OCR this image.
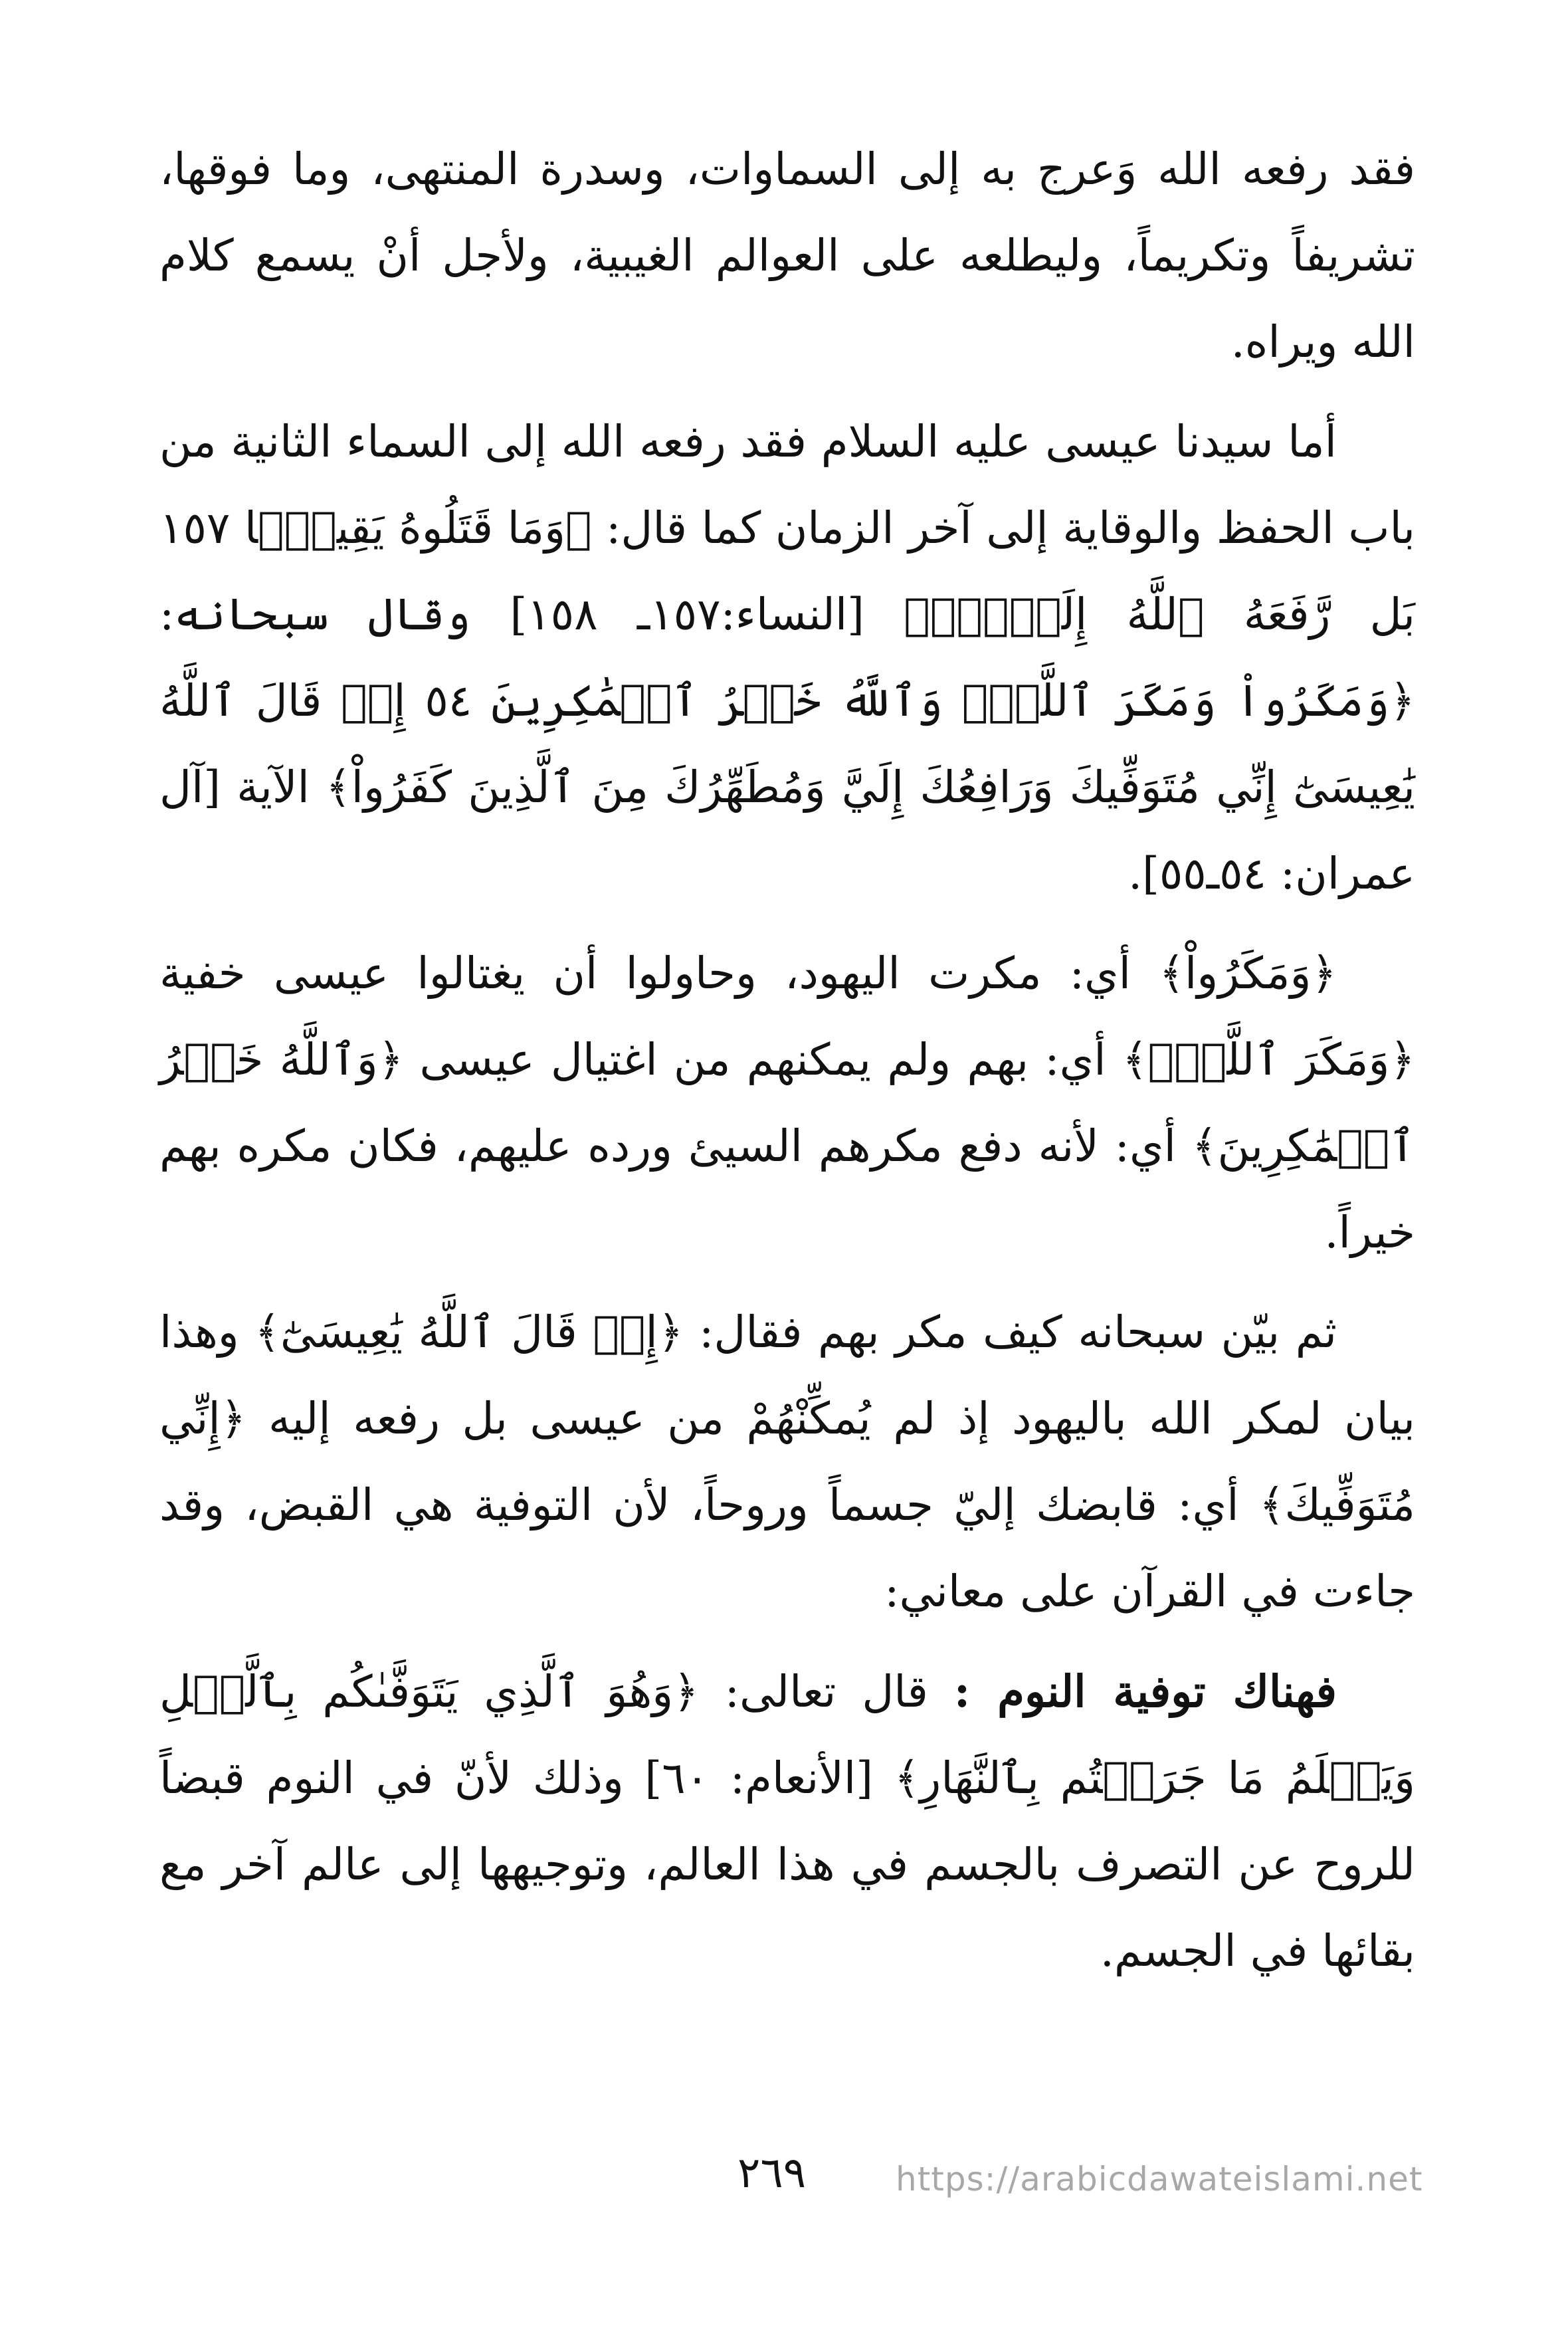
فقد رفعه الله وَعرج به إلى السماوات، وسدرة المنتهى، وما فوقها، تشريفاً وتكريماً، وليطلعه على العوالم الغيبية، ولأجل أنْ يسمع كلام الله ويراه.

أما سيدنا عيسى عليه السلام فقد رفعه الله إلى السماء الثانية من باب الحفظ والوقاية إلى آخر الزمان كما قال: ﴿وَمَا قَتَلُوهُ يَقِينَۢا ١٥٧ بَل رَّفَعَهُ ٱللَّهُ إِلَيۡهِۚ﴾ [النساء:١٥٧ـ ١٥٨] وقال سبحانه: ﴿وَمَكَرُواْ وَمَكَرَ ٱللَّهُۖ وَٱللَّهُ خَيۡرُ ٱلۡمَٰكِرِينَ ٥٤ إِذۡ قَالَ ٱللَّهُ يَٰعِيسَىٰٓ إِنِّي مُتَوَفِّيكَ وَرَافِعُكَ إِلَيَّ وَمُطَهِّرُكَ مِنَ ٱلَّذِينَ كَفَرُواْ﴾ الآية [آل عمران: ٥٤ـ٥٥].

﴿وَمَكَرُواْ﴾ أي: مكرت اليهود، وحاولوا أن يغتالوا عيسى خفية ﴿وَمَكَرَ ٱللَّهُۖ﴾ أي: بهم ولم يمكنهم من اغتيال عيسى ﴿وَٱللَّهُ خَيۡرُ ٱلۡمَٰكِرِينَ﴾ أي: لأنه دفع مكرهم السيئ ورده عليهم، فكان مكره بهم خيراً.

ثم بيّن سبحانه كيف مكر بهم فقال: ﴿إِذۡ قَالَ ٱللَّهُ يَٰعِيسَىٰٓ﴾ وهذا بيان لمكر الله باليهود إذ لم يُمكِّنْهُمْ من عيسى بل رفعه إليه ﴿إِنِّي مُتَوَفِّيكَ﴾ أي: قابضك إليّ جسماً وروحاً، لأن التوفية هي القبض، وقد جاءت في القرآن على معاني:

فهناك توفية النوم : قال تعالى: ﴿وَهُوَ ٱلَّذِي يَتَوَفَّىٰكُم بِٱلَّيۡلِ وَيَعۡلَمُ مَا جَرَحۡتُم بِٱلنَّهَارِ﴾ [الأنعام: ٦٠] وذلك لأنّ في النوم قبضاً للروح عن التصرف بالجسم في هذا العالم، وتوجيهها إلى عالم آخر مع بقائها في الجسم.

٢٦٩	https://arabicdawateislami.net
